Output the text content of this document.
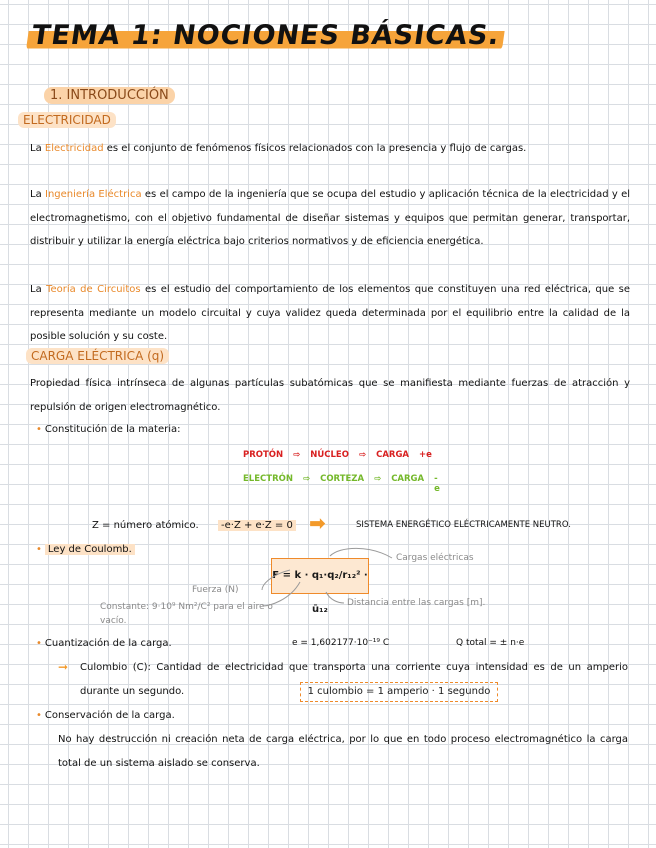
TEMA 1: NOCIONES BÁSICAS.
1. INTRODUCCIÓN
ELECTRICIDAD
La Electricidad es el conjunto de fenómenos físicos relacionados con la presencia y flujo de cargas.
La Ingeniería Eléctrica es el campo de la ingeniería que se ocupa del estudio y aplicación técnica de la electricidad y el electromagnetismo, con el objetivo fundamental de diseñar sistemas y equipos que permitan generar, transportar, distribuir y utilizar la energía eléctrica bajo criterios normativos y de eficiencia energética.
La Teoría de Circuitos es el estudio del comportamiento de los elementos que constituyen una red eléctrica, que se representa mediante un modelo circuital y cuya validez queda determinada por el equilibrio entre la calidad de la posible solución y su coste.
CARGA ELÉCTRICA (q)
Propiedad física intrínseca de algunas partículas subatómicas que se manifiesta mediante fuerzas de atracción y repulsión de origen electromagnético.
• Constitución de la materia:
PROTÓN ⇨ NÚCLEO ⇨ CARGA +e
ELECTRÓN ⇨ CORTEZA ⇨ CARGA -e
Z = número atómico.	-e·Z + e·Z = 0 ➡	SISTEMA ENERGÉTICO ELÉCTRICAMENTE NEUTRO.
• Ley de Coulomb.
F = k · q₁·q₂/r₁₂² · ū₁₂
Cargas eléctricas
Fuerza (N)
Constante: 9·10⁹ Nm²/C² para el aire o vacío.
Distancia entre las cargas [m].
• Cuantización de la carga.	e = 1,602177·10⁻¹⁹ C	Q total = ± n·e
➞ Culombio (C): Cantidad de electricidad que transporta una corriente cuya intensidad es de un amperio durante un segundo.	1 culombio = 1 amperio · 1 segundo
• Conservación de la carga.
No hay destrucción ni creación neta de carga eléctrica, por lo que en todo proceso electromagnético la carga total de un sistema aislado se conserva.
